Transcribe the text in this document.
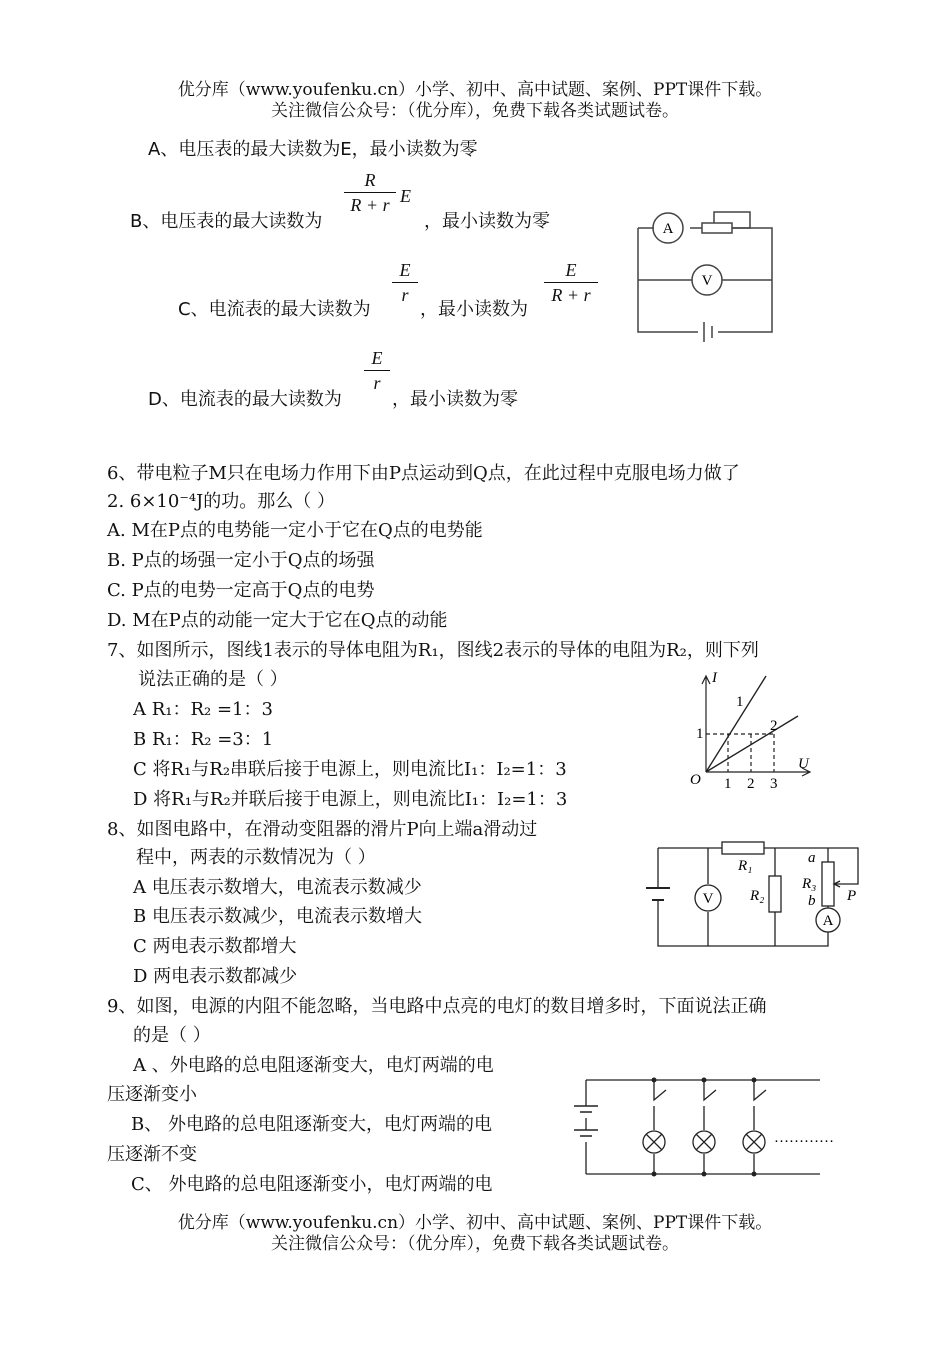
优分库（www.youfenku.cn）小学、初中、高中试题、案例、PPT课件下载。
关注微信公众号：（优分库），免费下载各类试题试卷。
A、电压表的最大读数为E，最小读数为零
B、电压表的最大读数为
R
R + r E
，最小读数为零
C、电流表的最大读数为
E
r
，最小读数为
E
R + r
D、电流表的最大读数为
E
r
，最小读数为零
A
V
6、带电粒子M只在电场力作用下由P点运动到Q点，在此过程中克服电场力做了
2. 6×10⁻⁴J的功。那么（ ）
A. M在P点的电势能一定小于它在Q点的电势能
B. P点的场强一定小于Q点的场强
C. P点的电势一定高于Q点的电势
D. M在P点的动能一定大于它在Q点的动能
7、如图所示，图线1表示的导体电阻为R₁，图线2表示的导体的电阻为R₂，则下列
说法正确的是（ ）
A R₁：R₂ =1：3
B R₁：R₂ =3：1
C 将R₁与R₂串联后接于电源上，则电流比I₁：I₂=1：3
D 将R₁与R₂并联后接于电源上，则电流比I₁：I₂=1：3
I
U
O
1
2
1
1 2 3
8、如图电路中，在滑动变阻器的滑片P向上端a滑动过
程中，两表的示数情况为（ ）
A 电压表示数增大，电流表示数减少
B 电压表示数减少，电流表示数增大
C 两电表示数都增大
D 两电表示数都减少
R₁
R₂
R₃
a
b P
V
A
9、如图，电源的内阻不能忽略，当电路中点亮的电灯的数目增多时，下面说法正确
的是（ ）
A 、外电路的总电阻逐渐变大，电灯两端的电
压逐渐变小
B、 外电路的总电阻逐渐变大，电灯两端的电
压逐渐不变
C、 外电路的总电阻逐渐变小，电灯两端的电
…………
优分库（www.youfenku.cn）小学、初中、高中试题、案例、PPT课件下载。
关注微信公众号：（优分库），免费下载各类试题试卷。
